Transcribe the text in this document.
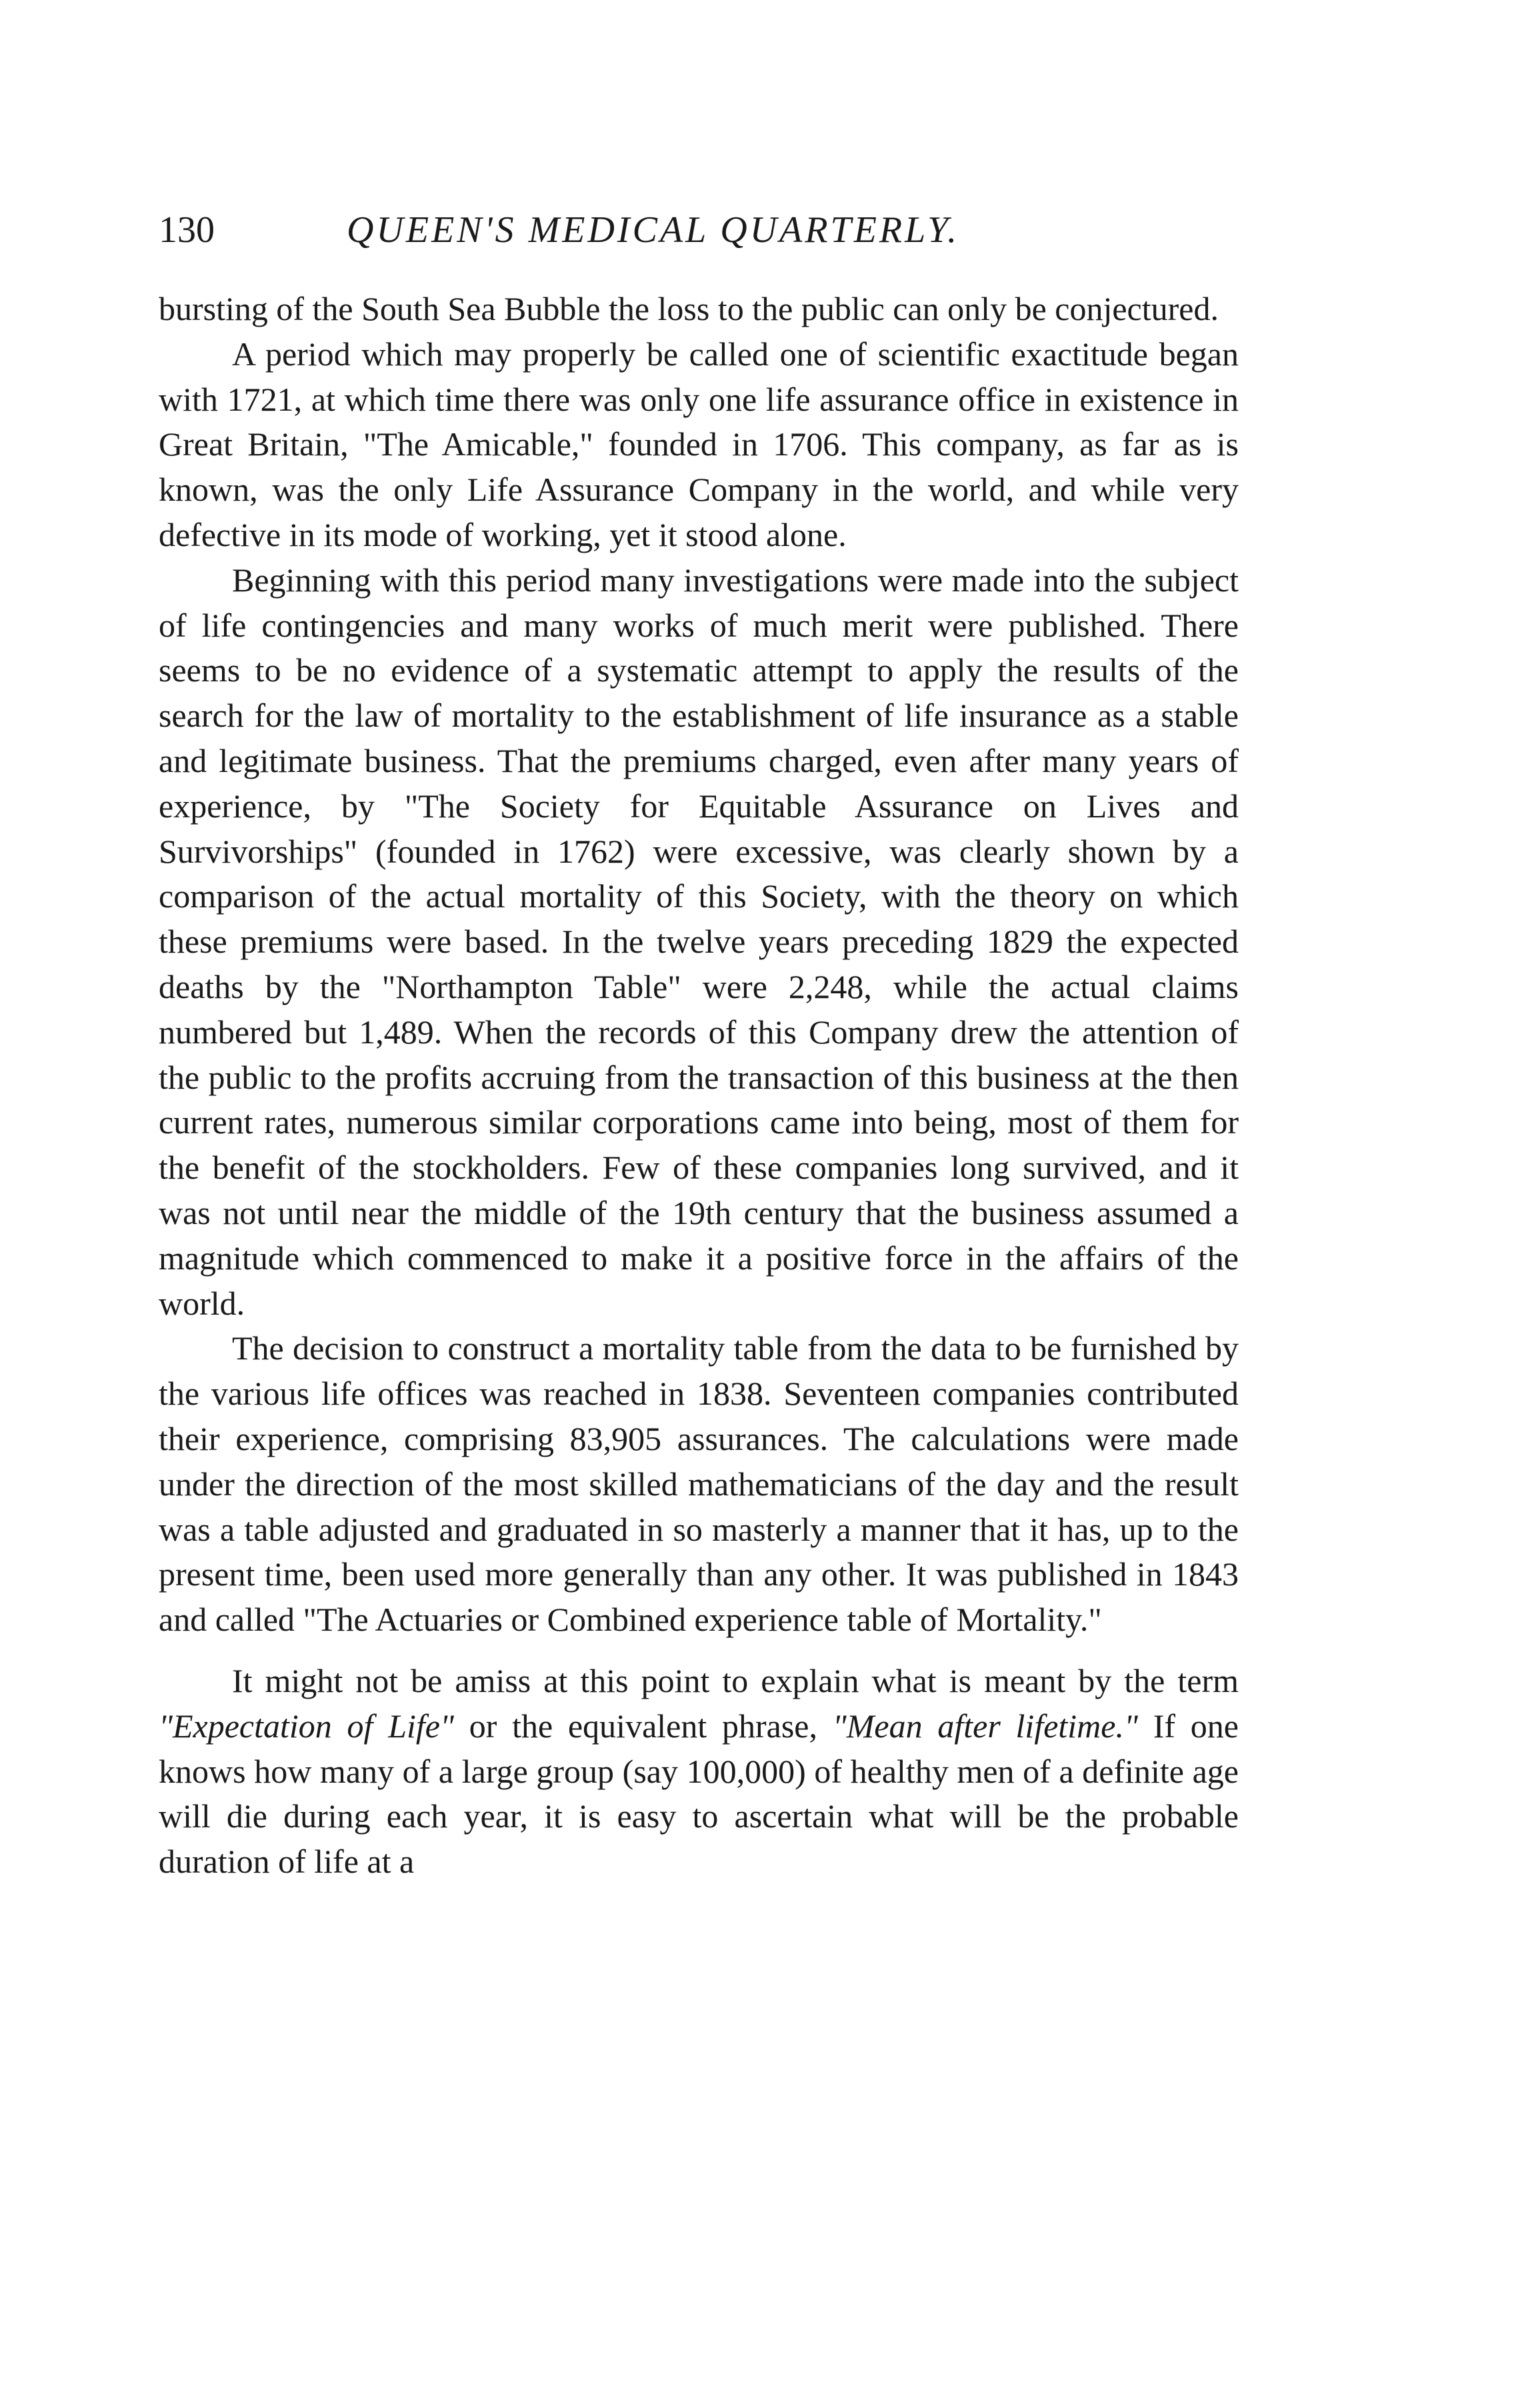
130	QUEEN'S MEDICAL QUARTERLY.

bursting of the South Sea Bubble the loss to the public can only be conjectured.

A period which may properly be called one of scientific exactitude began with 1721, at which time there was only one life assurance office in existence in Great Britain, "The Amicable," founded in 1706. This company, as far as is known, was the only Life Assurance Company in the world, and while very defective in its mode of working, yet it stood alone.

Beginning with this period many investigations were made into the subject of life contingencies and many works of much merit were published. There seems to be no evidence of a systematic attempt to apply the results of the search for the law of mortality to the establishment of life insurance as a stable and legitimate business. That the premiums charged, even after many years of experience, by "The Society for Equitable Assurance on Lives and Survivorships" (founded in 1762) were excessive, was clearly shown by a comparison of the actual mortality of this Society, with the theory on which these premiums were based. In the twelve years preceding 1829 the expected deaths by the "Northampton Table" were 2,248, while the actual claims numbered but 1,489. When the records of this Company drew the attention of the public to the profits accruing from the transaction of this business at the then current rates, numerous similar corporations came into being, most of them for the benefit of the stockholders. Few of these companies long survived, and it was not until near the middle of the 19th century that the business assumed a magnitude which commenced to make it a positive force in the affairs of the world.

The decision to construct a mortality table from the data to be furnished by the various life offices was reached in 1838. Seventeen companies contributed their experience, comprising 83,905 assurances. The calculations were made under the direction of the most skilled mathematicians of the day and the result was a table adjusted and graduated in so masterly a manner that it has, up to the present time, been used more generally than any other. It was published in 1843 and called "The Actuaries or Combined experience table of Mortality."

It might not be amiss at this point to explain what is meant by the term "Expectation of Life" or the equivalent phrase, "Mean after lifetime." If one knows how many of a large group (say 100,000) of healthy men of a definite age will die during each year, it is easy to ascertain what will be the probable duration of life at a
